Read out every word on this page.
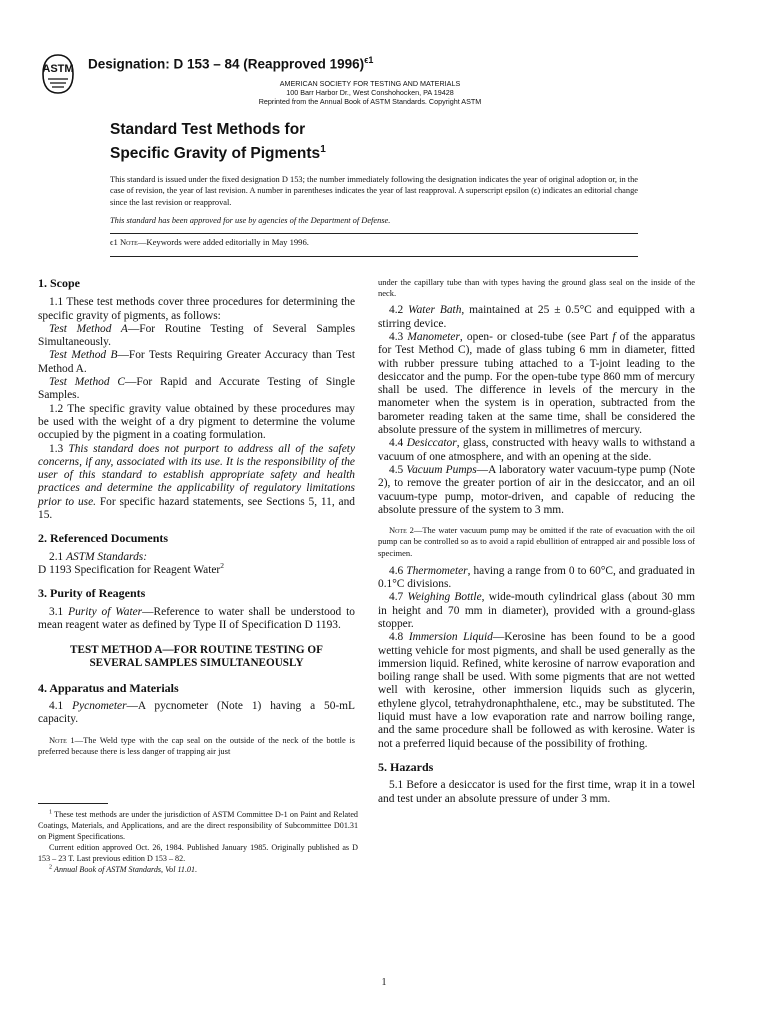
ASTM Designation: D 153 – 84 (Reapproved 1996)$^{\epsilon 1}$
AMERICAN SOCIETY FOR TESTING AND MATERIALS
100 Barr Harbor Dr., West Conshohocken, PA 19428
Reprinted from the Annual Book of ASTM Standards. Copyright ASTM
Standard Test Methods for
Specific Gravity of Pigments$^1$
This standard is issued under the fixed designation D 153; the number immediately following the designation indicates the year of original adoption or, in the case of revision, the year of last revision. A number in parentheses indicates the year of last reapproval. A superscript epsilon (ϵ) indicates an editorial change since the last revision or reapproval.
This standard has been approved for use by agencies of the Department of Defense.
ϵ1 Note—Keywords were added editorially in May 1996.

1. Scope

1.1 These test methods cover three procedures for determining the specific gravity of pigments, as follows:

Test Method A—For Routine Testing of Several Samples Simultaneously.

Test Method B—For Tests Requiring Greater Accuracy than Test Method A.

Test Method C—For Rapid and Accurate Testing of Single Samples.

1.2 The specific gravity value obtained by these procedures may be used with the weight of a dry pigment to determine the volume occupied by the pigment in a coating formulation.

1.3 This standard does not purport to address all of the safety concerns, if any, associated with its use. It is the responsibility of the user of this standard to establish appropriate safety and health practices and determine the applicability of regulatory limitations prior to use. For specific hazard statements, see Sections 5, 11, and 15.

2. Referenced Documents

2.1 ASTM Standards:

D 1193 Specification for Reagent Water$^2$

3. Purity of Reagents

3.1 Purity of Water—Reference to water shall be understood to mean reagent water as defined by Type II of Specification D 1193.

TEST METHOD A—FOR ROUTINE TESTING OF SEVERAL SAMPLES SIMULTANEOUSLY

4. Apparatus and Materials

4.1 Pycnometer—A pycnometer (Note 1) having a 50-mL capacity.

Note 1—The Weld type with the cap seal on the outside of the neck of the bottle is preferred because there is less danger of trapping air just

$^1$ These test methods are under the jurisdiction of ASTM Committee D-1 on Paint and Related Coatings, Materials, and Applications, and are the direct responsibility of Subcommittee D01.31 on Pigment Specifications.

Current edition approved Oct. 26, 1984. Published January 1985. Originally published as D 153 – 23 T. Last previous edition D 153 – 82.

$^2$ Annual Book of ASTM Standards, Vol 11.01.

under the capillary tube than with types having the ground glass seal on the inside of the neck.

4.2 Water Bath, maintained at 25 ± 0.5°C and equipped with a stirring device.

4.3 Manometer, open- or closed-tube (see Part f of the apparatus for Test Method C), made of glass tubing 6 mm in diameter, fitted with rubber pressure tubing attached to a T-joint leading to the desiccator and the pump. For the open-tube type 860 mm of mercury shall be used. The difference in levels of the mercury in the manometer when the system is in operation, subtracted from the barometer reading taken at the same time, shall be considered the absolute pressure of the system in millimetres of mercury.

4.4 Desiccator, glass, constructed with heavy walls to withstand a vacuum of one atmosphere, and with an opening at the side.

4.5 Vacuum Pumps—A laboratory water vacuum-type pump (Note 2), to remove the greater portion of air in the desiccator, and an oil vacuum-type pump, motor-driven, and capable of reducing the absolute pressure of the system to 3 mm.

Note 2—The water vacuum pump may be omitted if the rate of evacuation with the oil pump can be controlled so as to avoid a rapid ebullition of entrapped air and possible loss of specimen.

4.6 Thermometer, having a range from 0 to 60°C, and graduated in 0.1°C divisions.

4.7 Weighing Bottle, wide-mouth cylindrical glass (about 30 mm in height and 70 mm in diameter), provided with a ground-glass stopper.

4.8 Immersion Liquid—Kerosine has been found to be a good wetting vehicle for most pigments, and shall be used generally as the immersion liquid. Refined, white kerosine of narrow evaporation and boiling range shall be used. With some pigments that are not wetted well with kerosine, other immersion liquids such as glycerin, ethylene glycol, tetrahydronaphthalene, etc., may be substituted. The liquid must have a low evaporation rate and narrow boiling range, and the same procedure shall be followed as with kerosine. Water is not a preferred liquid because of the possibility of frothing.

5. Hazards

5.1 Before a desiccator is used for the first time, wrap it in a towel and test under an absolute pressure of under 3 mm.

1
